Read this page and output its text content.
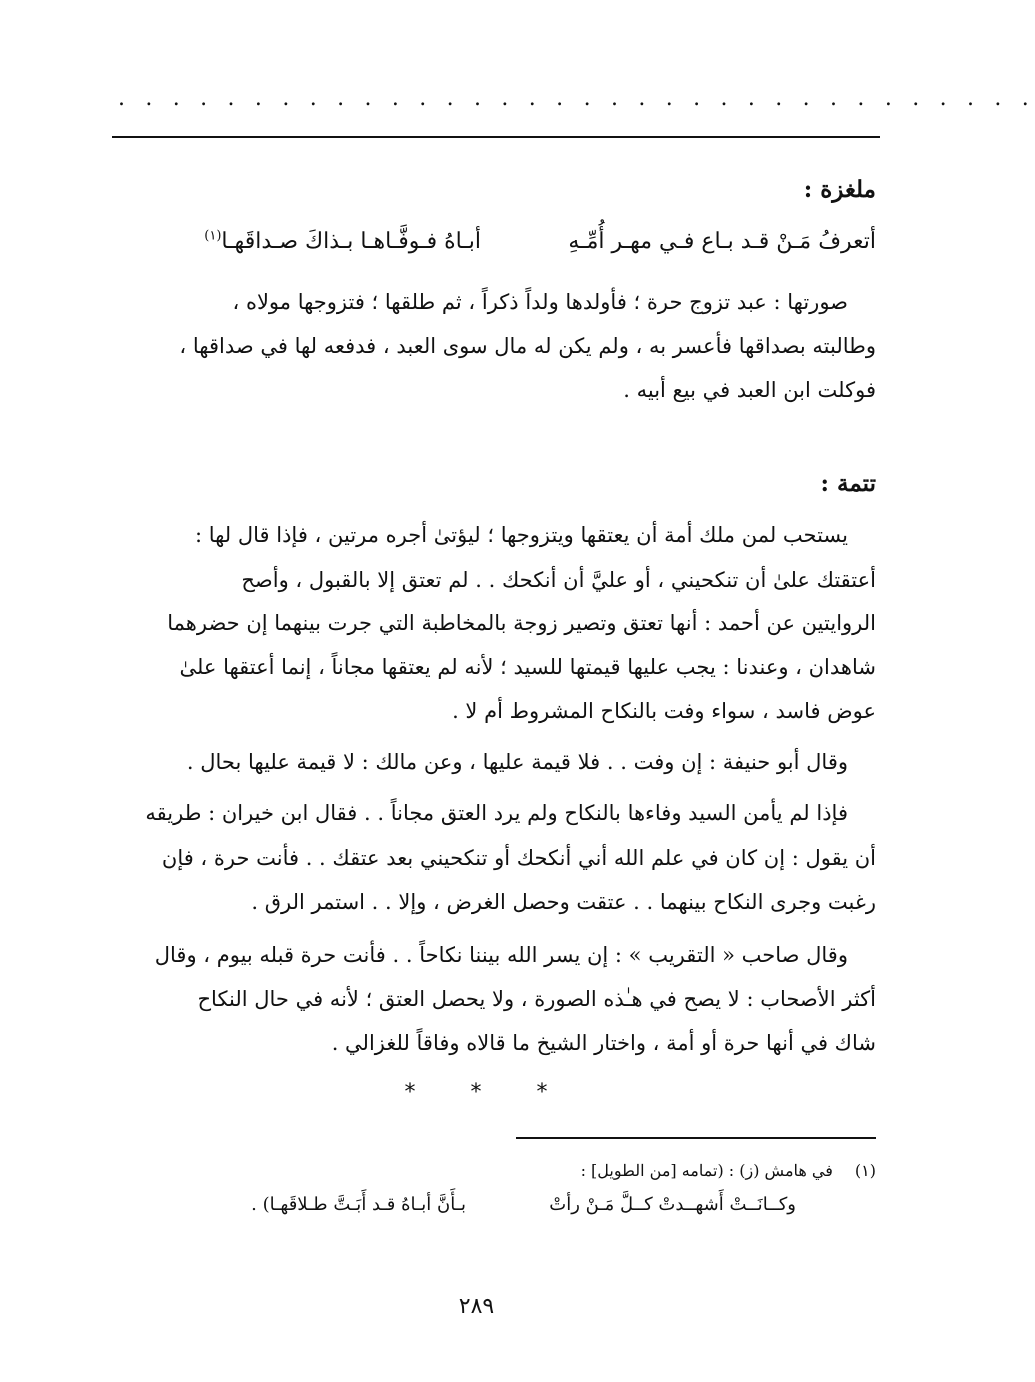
. . . . . . . . . . . . . . . . . . . . . . . . . . . . . . . . . .
ملغزة :
أتعرفُ مَـنْ قـد بـاع فـي مهـر أُمِّـهِ
أبـاهُ فـوفَّـاهـا بـذاكَ صـداقَهـا$^{(١)}$
صورتها : عبد تزوج حرة ؛ فأولدها ولداً ذكراً ، ثم طلقها ؛ فتزوجها مولاه ،
وطالبته بصداقها فأعسر به ، ولم يكن له مال سوى العبد ، فدفعه لها في صداقها ،
فوكلت ابن العبد في بيع أبيه .
تتمة :
يستحب لمن ملك أمة أن يعتقها ويتزوجها ؛ ليؤتىٰ أجره مرتين ، فإذا قال لها :
أعتقتك علىٰ أن تنكحيني ، أو عليَّ أن أنكحك . . لم تعتق إلا بالقبول ، وأصح
الروايتين عن أحمد : أنها تعتق وتصير زوجة بالمخاطبة التي جرت بينهما إن حضرهما
شاهدان ، وعندنا : يجب عليها قيمتها للسيد ؛ لأنه لم يعتقها مجاناً ، إنما أعتقها علىٰ
عوض فاسد ، سواء وفت بالنكاح المشروط أم لا .
وقال أبو حنيفة : إن وفت . . فلا قيمة عليها ، وعن مالك : لا قيمة عليها بحال .
فإذا لم يأمن السيد وفاءها بالنكاح ولم يرد العتق مجاناً . . فقال ابن خيران : طريقه
أن يقول : إن كان في علم الله أني أنكحك أو تنكحيني بعد عتقك . . فأنت حرة ، فإن
رغبت وجرى النكاح بينهما . . عتقت وحصل الغرض ، وإلا . . استمر الرق .
وقال صاحب « التقريب » : إن يسر الله بيننا نكاحاً . . فأنت حرة قبله بيوم ، وقال
أكثر الأصحاب : لا يصح في هـٰذه الصورة ، ولا يحصل العتق ؛ لأنه في حال النكاح
شاك في أنها حرة أو أمة ، واختار الشيخ ما قالاه وفاقاً للغزالي .
* * *
(١)في هامش (ز) : (تمامه [من الطويل] :
وكــانَــتْ أَشهــدتْ كــلَّ مَـنْ رأتْ
بـأَنَّ أبـاهُ قـد أَبَـتَّ طـلاقَهـا) .
٢٨٩
